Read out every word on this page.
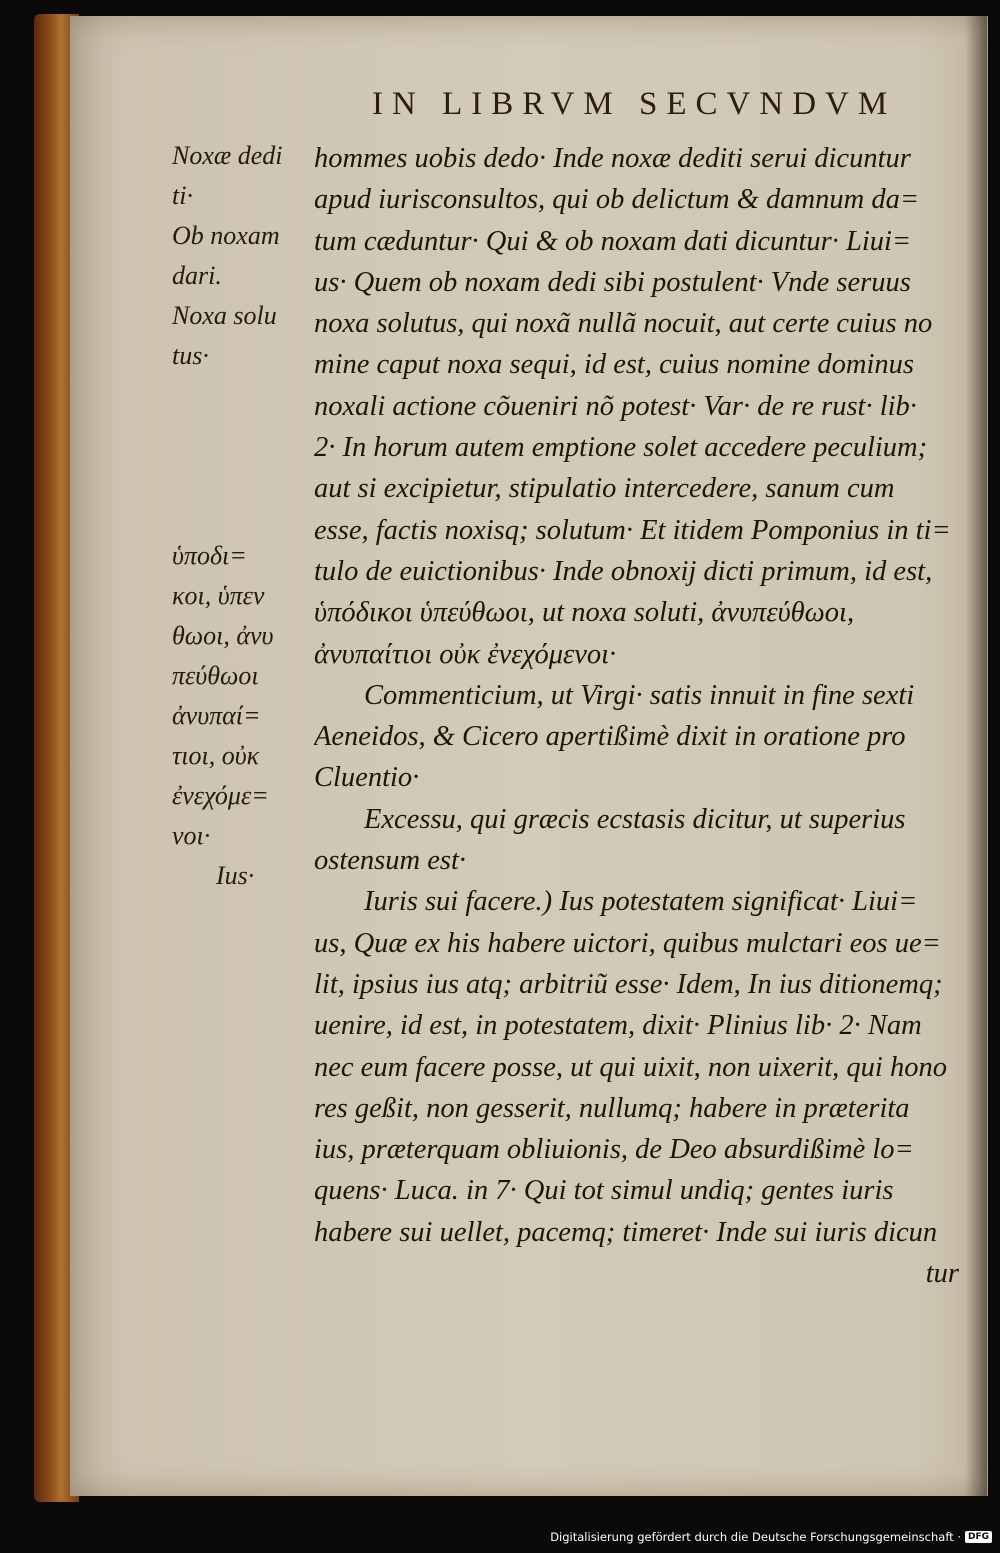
IN LIBRVM SECVNDVM
Noxæ dedi
ti·
Ob noxam
dari.
Noxa solu
tus·
ὑποδι=
κοι, ὑπεν
θωοι, ἀνυ
πεύθωοι
ἀνυπαί=
τιοι, οὐκ
ἐνεχόμε=
νοι·
Ius·
hommes uobis dedo· Inde noxæ dediti serui dicuntur
apud iurisconsultos, qui ob delictum & damnum da=
tum cæduntur· Qui & ob noxam dati dicuntur· Liui=
us· Quem ob noxam dedi sibi postulent· Vnde seruus
noxa solutus, qui noxã nullã nocuit, aut certe cuius no
mine caput noxa sequi, id est, cuius nomine dominus
noxali actione cõueniri nõ potest· Var· de re rust· lib·
2· In horum autem emptione solet accedere peculium;
aut si excipietur, stipulatio intercedere, sanum cum
esse, factis noxisq; solutum· Et itidem Pomponius in ti=
tulo de euictionibus· Inde obnoxij dicti primum, id est,
ὑπόδικοι ὑπεύθωοι, ut noxa soluti, ἀνυπεύθωοι,
ἀνυπαίτιοι οὐκ ἐνεχόμενοι·
Commenticium, ut Virgi· satis innuit in fine sexti
Aeneidos, & Cicero apertißimè dixit in oratione pro
Cluentio·
Excessu, qui græcis ecstasis dicitur, ut superius
ostensum est·
Iuris sui facere.) Ius potestatem significat· Liui=
us, Quæ ex his habere uictori, quibus mulctari eos ue=
lit, ipsius ius atq; arbitriũ esse· Idem, In ius ditionemq;
uenire, id est, in potestatem, dixit· Plinius lib· 2· Nam
nec eum facere posse, ut qui uixit, non uixerit, qui hono
res geßit, non gesserit, nullumq; habere in præterita
ius, præterquam obliuionis, de Deo absurdißimè lo=
quens· Luca. in 7· Qui tot simul undiq; gentes iuris
habere sui uellet, pacemq; timeret· Inde sui iuris dicun
tur
Digitalisierung gefördert durch die Deutsche Forschungsgemeinschaft · DFG
